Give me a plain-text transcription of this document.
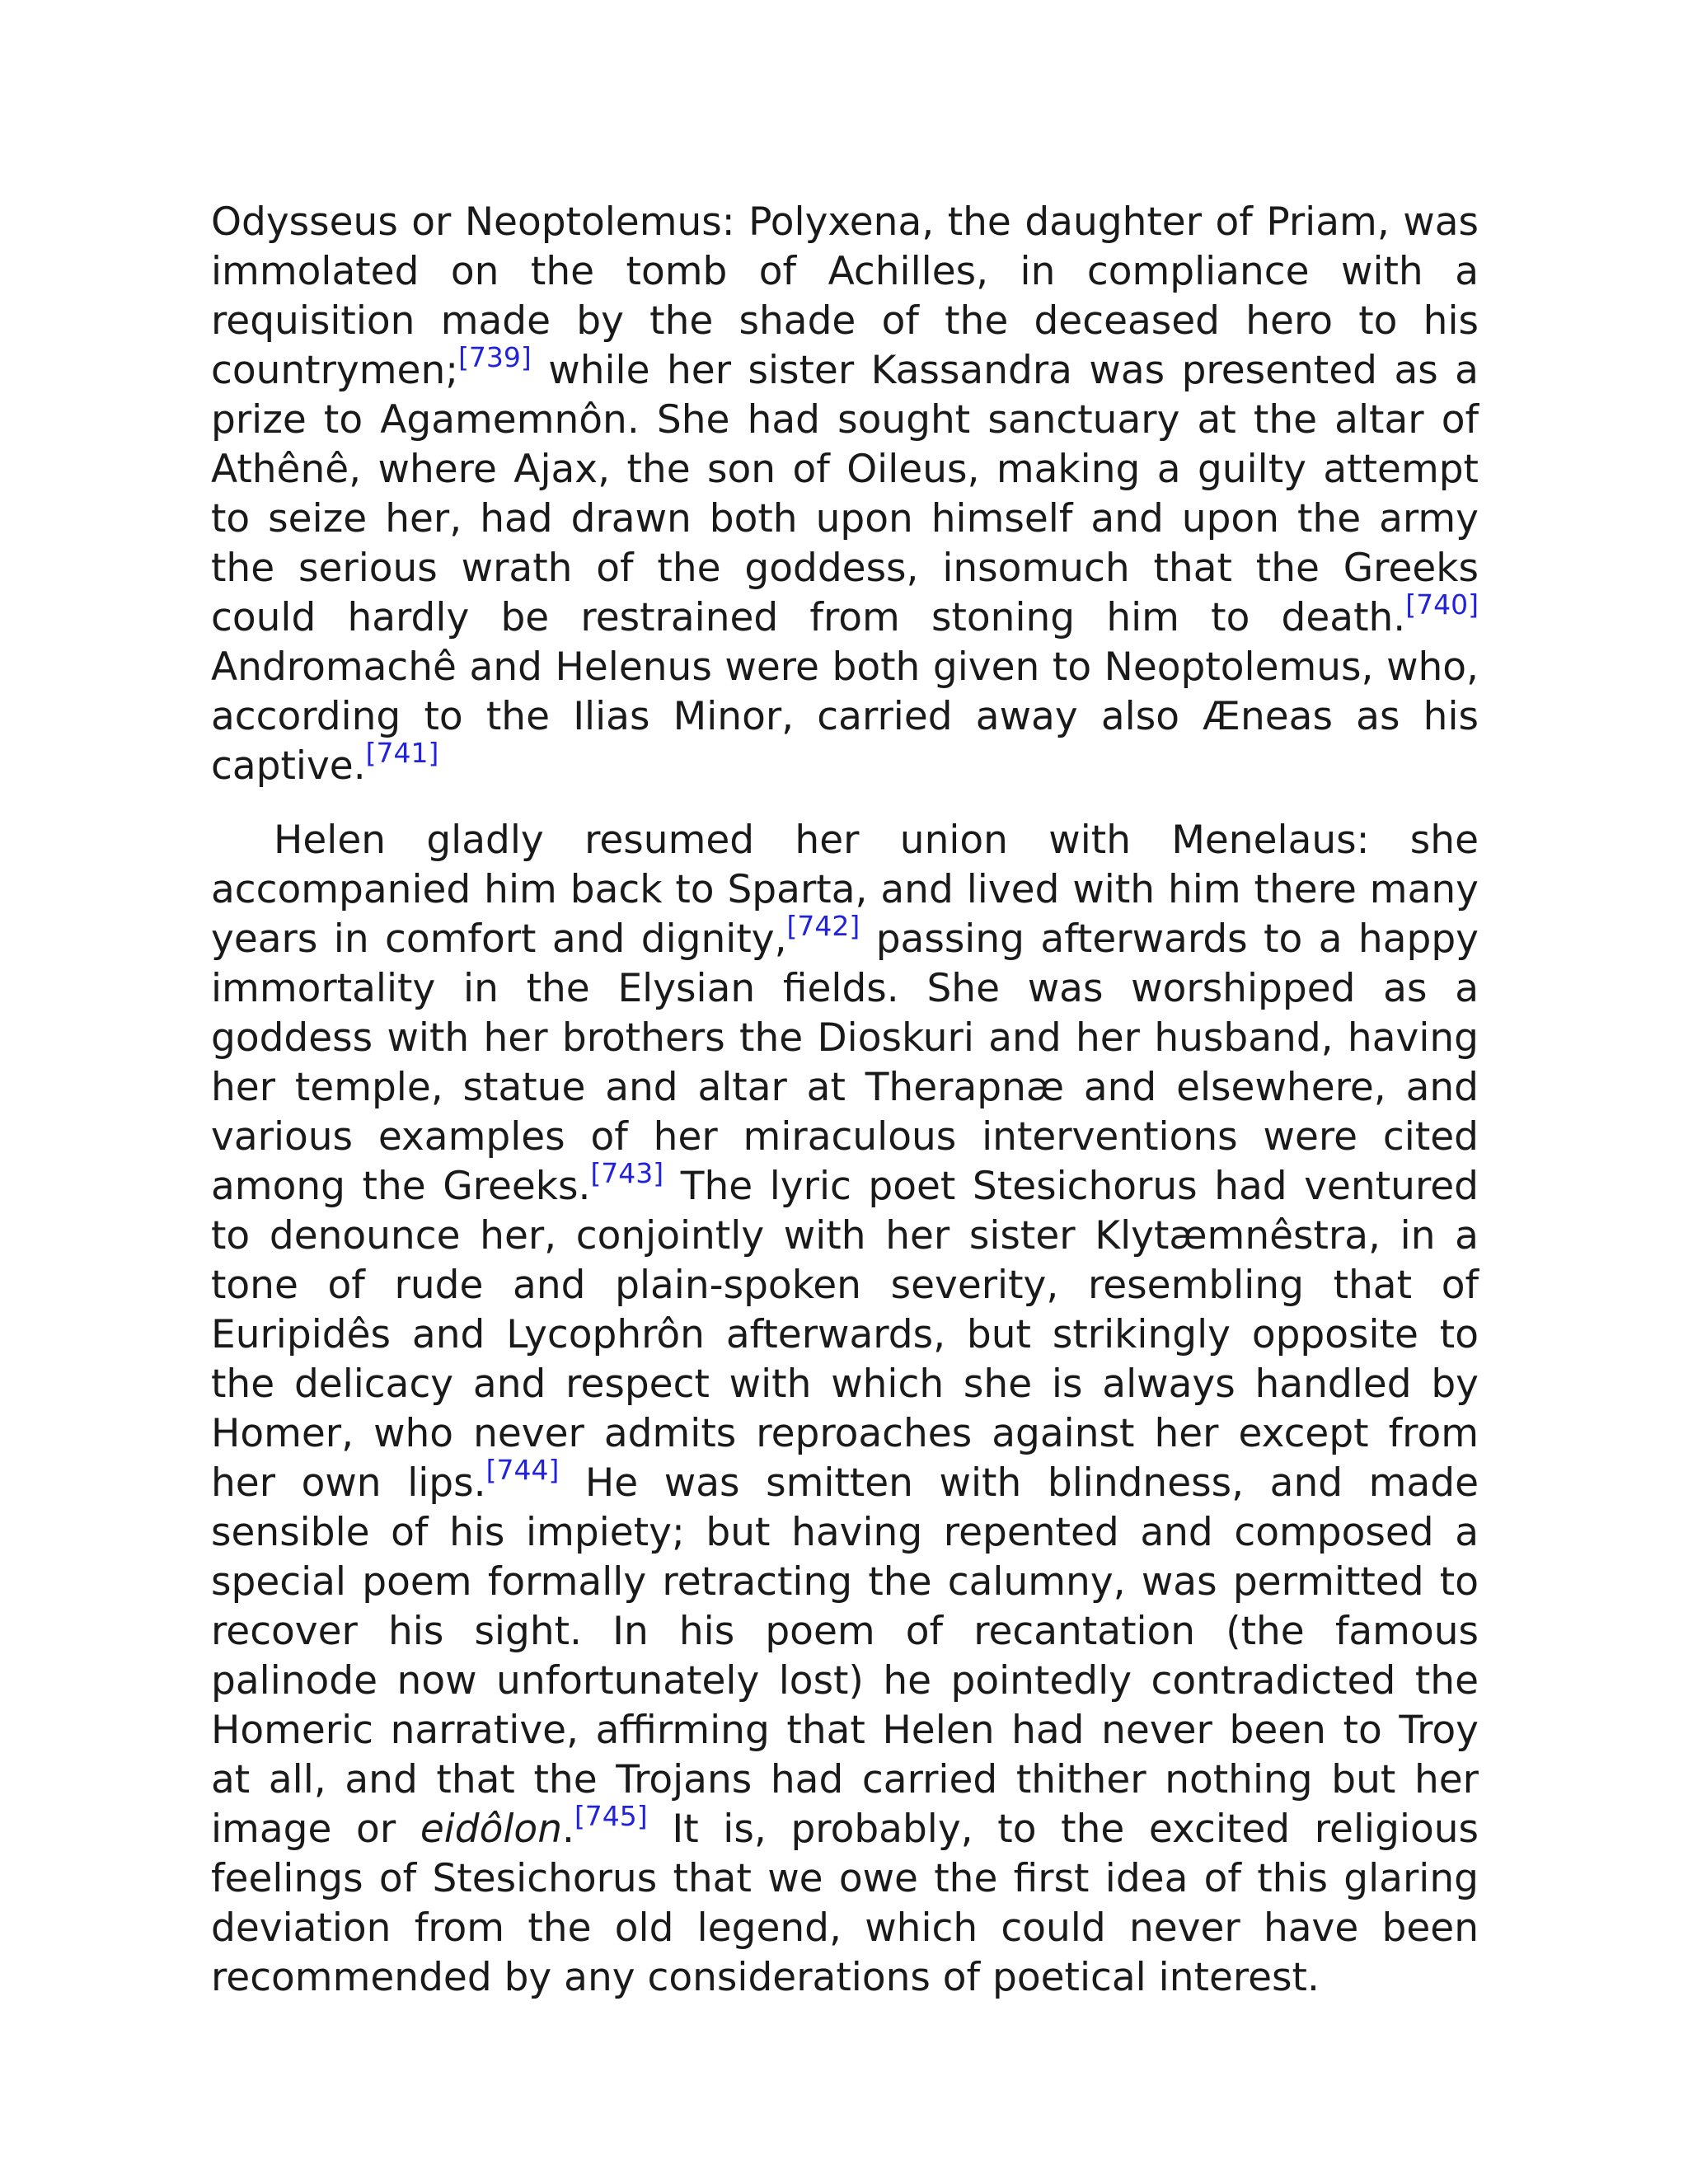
Odysseus or Neoptolemus: Polyxena, the daughter of Priam, was immolated on the tomb of Achilles, in compliance with a requisition made by the shade of the deceased hero to his countrymen;[739] while her sister Kassandra was presented as a prize to Agamemnôn. She had sought sanctuary at the altar of Athênê, where Ajax, the son of Oileus, making a guilty attempt to seize her, had drawn both upon himself and upon the army the serious wrath of the goddess, insomuch that the Greeks could hardly be restrained from stoning him to death.[740] Andromachê and Helenus were both given to Neoptolemus, who, according to the Ilias Minor, carried away also Æneas as his captive.[741]

Helen gladly resumed her union with Menelaus: she accompanied him back to Sparta, and lived with him there many years in comfort and dignity,[742] passing afterwards to a happy immortality in the Elysian fields. She was worshipped as a goddess with her brothers the Dioskuri and her husband, having her temple, statue and altar at Therapnæ and elsewhere, and various examples of her miraculous interventions were cited among the Greeks.[743] The lyric poet Stesichorus had ventured to denounce her, conjointly with her sister Klytæmnêstra, in a tone of rude and plain-spoken severity, resembling that of Euripidês and Lycophrôn afterwards, but strikingly opposite to the delicacy and respect with which she is always handled by Homer, who never admits reproaches against her except from her own lips.[744] He was smitten with blindness, and made sensible of his impiety; but having repented and composed a special poem formally retracting the calumny, was permitted to recover his sight. In his poem of recantation (the famous palinode now unfortunately lost) he pointedly contradicted the Homeric narrative, affirming that Helen had never been to Troy at all, and that the Trojans had carried thither nothing but her image or eidôlon.[745] It is, probably, to the excited religious feelings of Stesichorus that we owe the first idea of this glaring deviation from the old legend, which could never have been recommended by any considerations of poetical interest.
